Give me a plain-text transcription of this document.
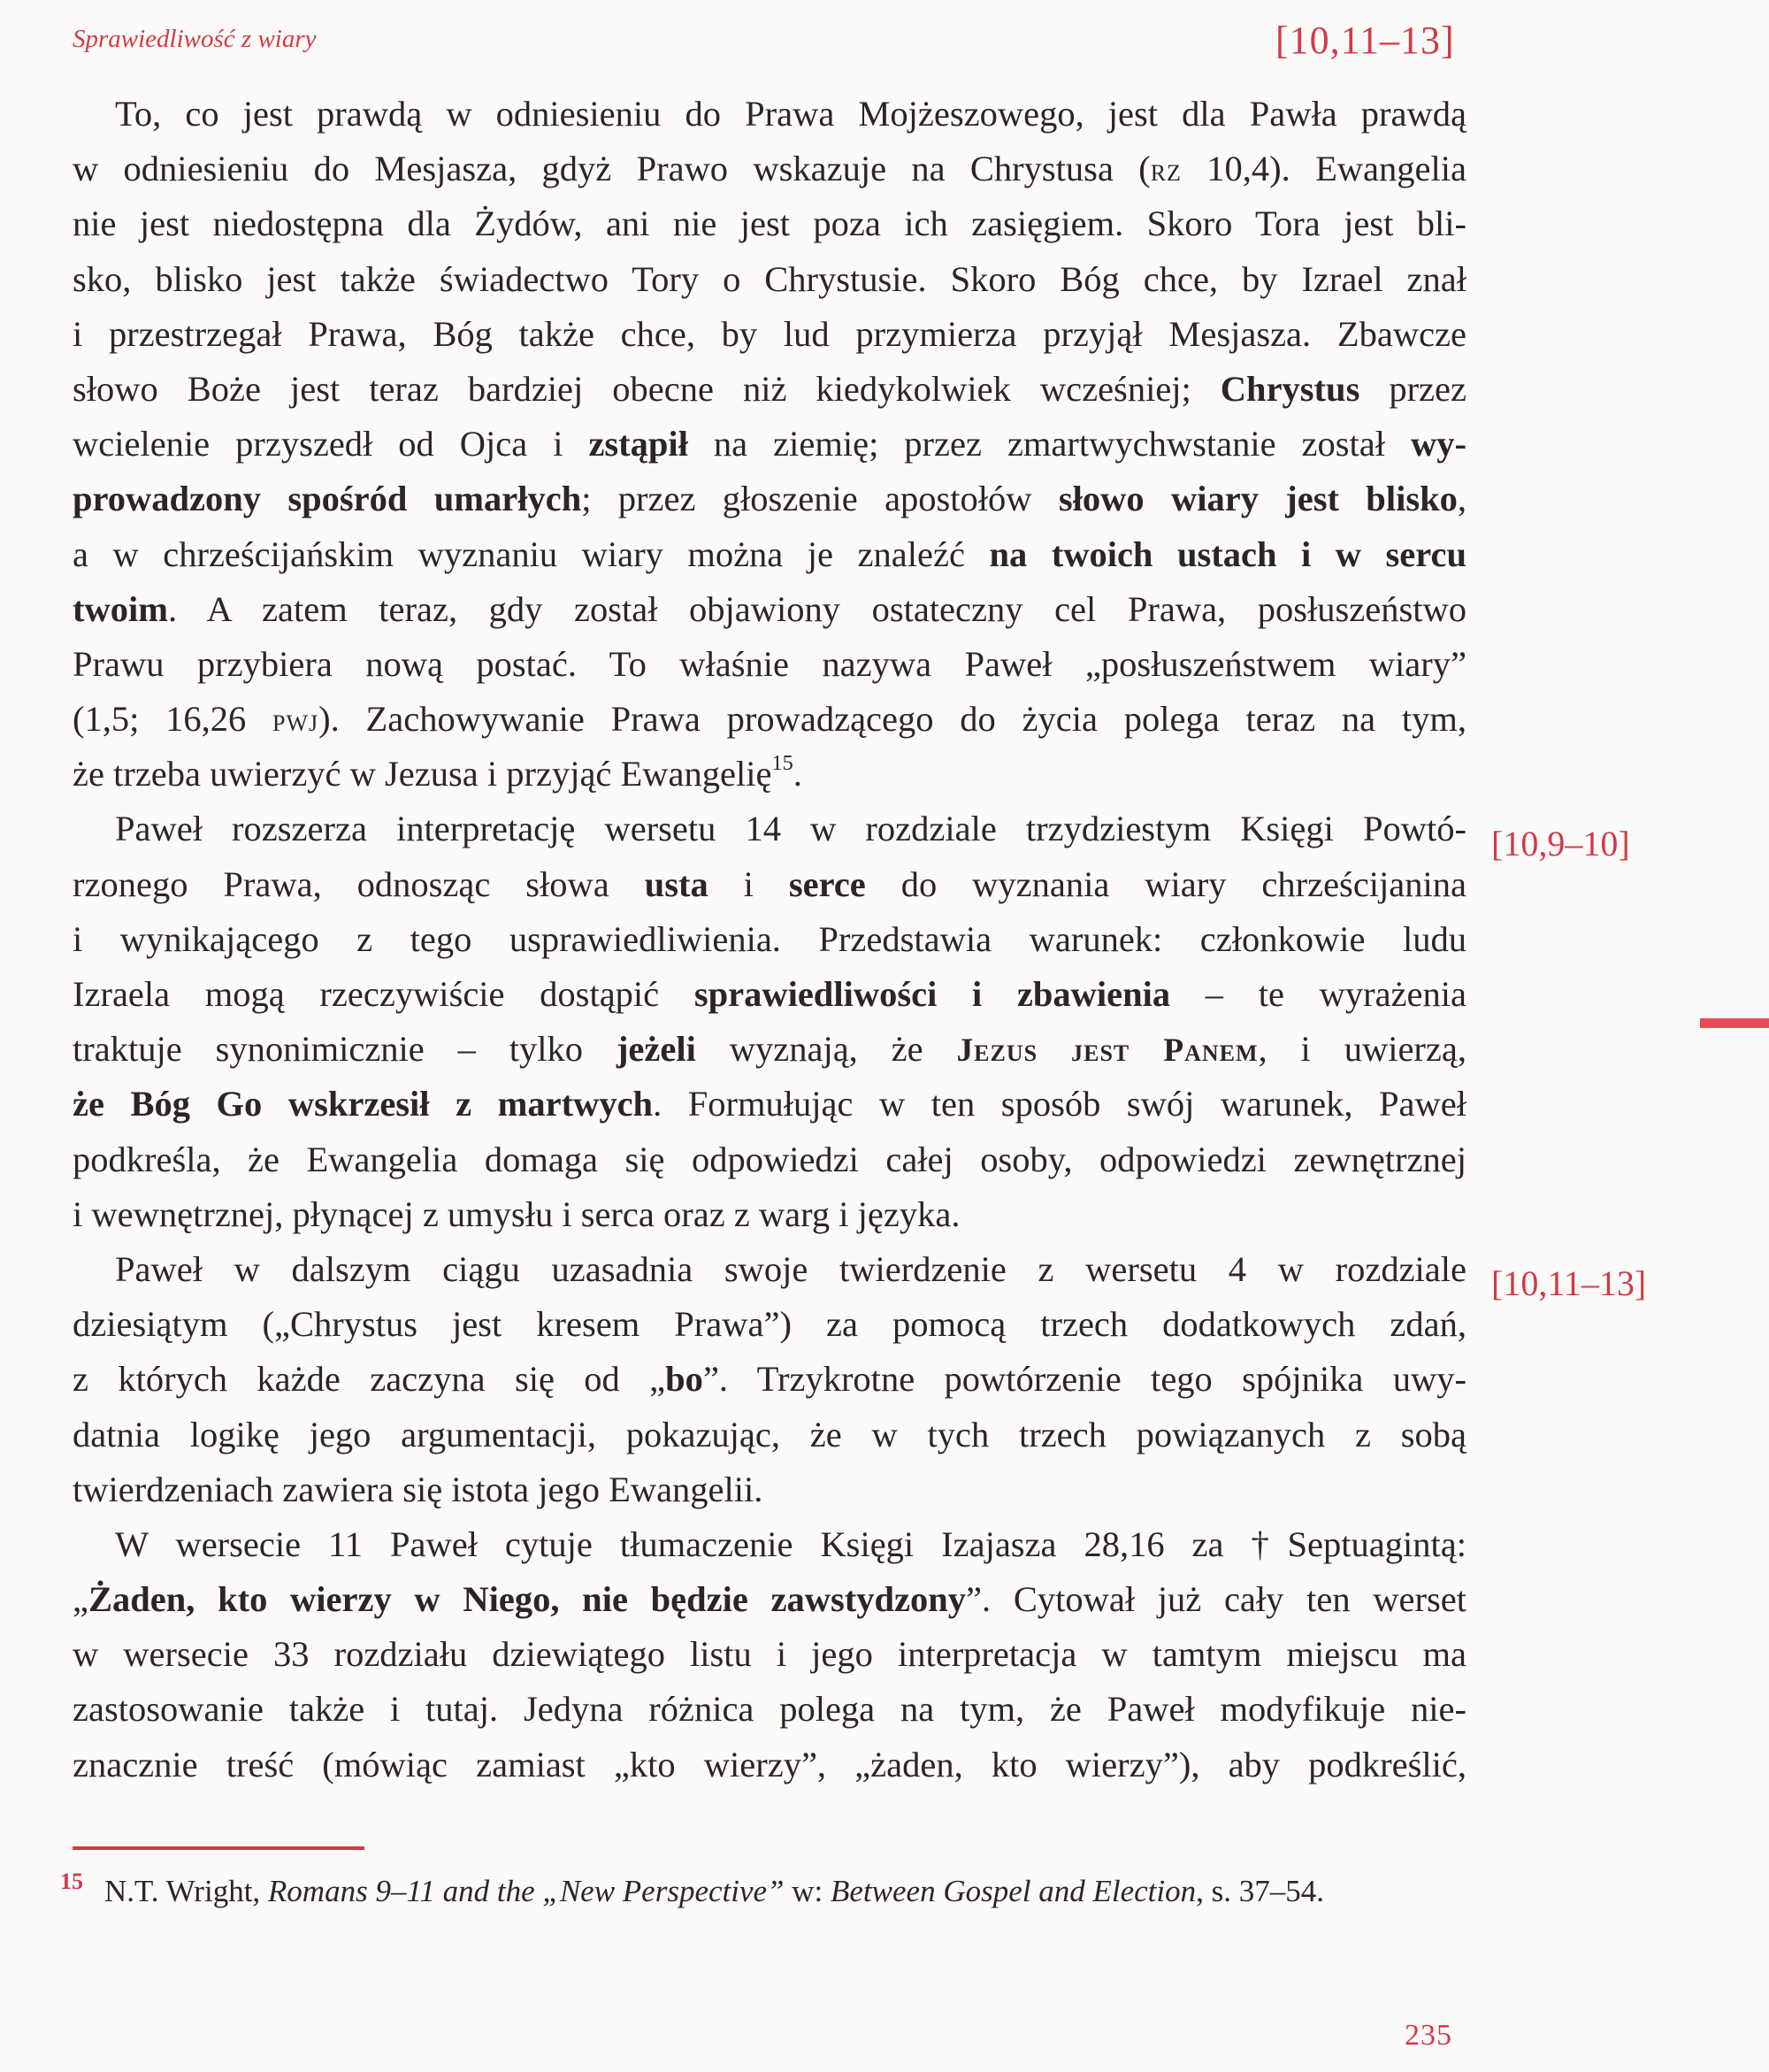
Sprawiedliwość z wiary	[10,11–13]

To, co jest prawdą w odniesieniu do Prawa Mojżeszowego, jest dla Pawła prawdą
w odniesieniu do Mesjasza, gdyż Prawo wskazuje na Chrystusa (rz 10,4). Ewangelia
nie jest niedostępna dla Żydów, ani nie jest poza ich zasięgiem. Skoro Tora jest bli-
sko, blisko jest także świadectwo Tory o Chrystusie. Skoro Bóg chce, by Izrael znał
i przestrzegał Prawa, Bóg także chce, by lud przymierza przyjął Mesjasza. Zbawcze
słowo Boże jest teraz bardziej obecne niż kiedykolwiek wcześniej; Chrystus przez
wcielenie przyszedł od Ojca i zstąpił na ziemię; przez zmartwychwstanie został wy-
prowadzony spośród umarłych; przez głoszenie apostołów słowo wiary jest blisko,
a w chrześcijańskim wyznaniu wiary można je znaleźć na twoich ustach i w sercu
twoim. A zatem teraz, gdy został objawiony ostateczny cel Prawa, posłuszeństwo
Prawu przybiera nową postać. To właśnie nazywa Paweł „posłuszeństwem wiary”
(1,5; 16,26 pwj). Zachowywanie Prawa prowadzącego do życia polega teraz na tym,
że trzeba uwierzyć w Jezusa i przyjąć Ewangelię$^{15}$.

Paweł rozszerza interpretację wersetu 14 w rozdziale trzydziestym Księgi Powtó-
rzonego Prawa, odnosząc słowa usta i serce do wyznania wiary chrześcijanina
i wynikającego z tego usprawiedliwienia. Przedstawia warunek: członkowie ludu
Izraela mogą rzeczywiście dostąpić sprawiedliwości i zbawienia – te wyrażenia
traktuje synonimicznie – tylko jeżeli wyznają, że Jezus jest Panem, i uwierzą,
że Bóg Go wskrzesił z martwych. Formułując w ten sposób swój warunek, Paweł
podkreśla, że Ewangelia domaga się odpowiedzi całej osoby, odpowiedzi zewnętrznej
i wewnętrznej, płynącej z umysłu i serca oraz z warg i języka.

Paweł w dalszym ciągu uzasadnia swoje twierdzenie z wersetu 4 w rozdziale
dziesiątym („Chrystus jest kresem Prawa”) za pomocą trzech dodatkowych zdań,
z których każde zaczyna się od „bo”. Trzykrotne powtórzenie tego spójnika uwy-
datnia logikę jego argumentacji, pokazując, że w tych trzech powiązanych z sobą
twierdzeniach zawiera się istota jego Ewangelii.

W wersecie 11 Paweł cytuje tłumaczenie Księgi Izajasza 28,16 za †Septuagintą:
„Żaden, kto wierzy w Niego, nie będzie zawstydzony”. Cytował już cały ten werset
w wersecie 33 rozdziału dziewiątego listu i jego interpretacja w tamtym miejscu ma
zastosowanie także i tutaj. Jedyna różnica polega na tym, że Paweł modyfikuje nie-
znacznie treść (mówiąc zamiast „kto wierzy”, „żaden, kto wierzy”), aby podkreślić,

[10,9–10]
[10,11–13]
$^{15}$ N.T. Wright, Romans 9–11 and the „New Perspective” w: Between Gospel and Election, s. 37–54.
235
